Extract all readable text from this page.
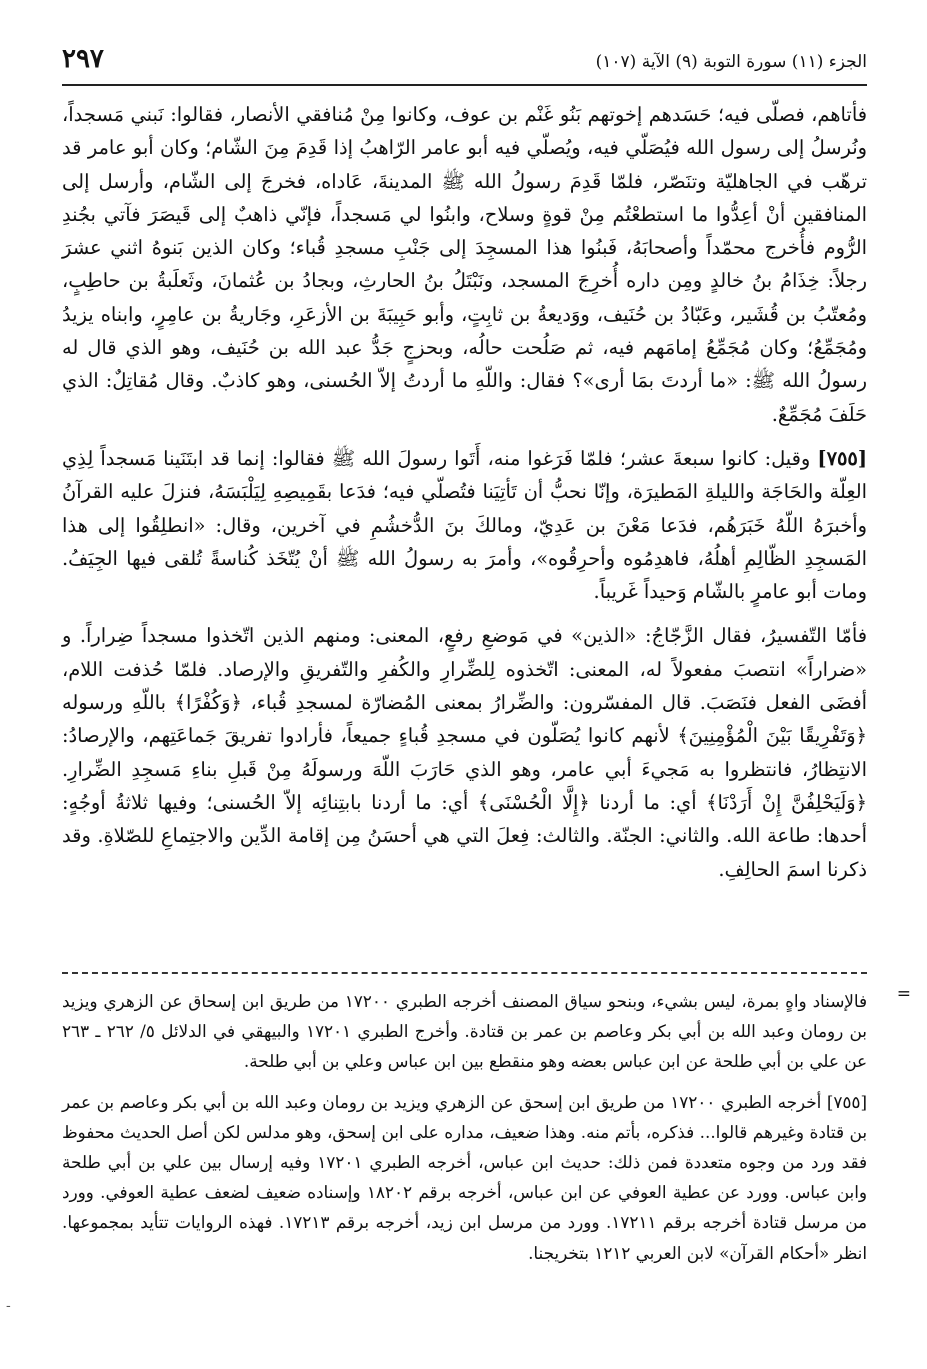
٢٩٧	الجزء (١١) سورة التوبة (٩) الآية (١٠٧)

فأتاهم، فصلّى فيه؛ حَسَدهم إخوتهم بَنُو غَنْم بن عوف، وكانوا مِنْ مُنافقي الأنصار، فقالوا: نَبني مَسجداً، ونُرسلُ إلى رسول الله فيُصَلّي فيه، ويُصلّي فيه أبو عامر الرّاهبُ إذا قَدِمَ مِنَ الشّام؛ وكان أبو عامر قد ترهّب في الجاهليّة وتنَصّر، فلمّا قَدِمَ رسولُ الله ﷺ المدينةَ، عَاداه، فخرجَ إلى الشّام، وأرسل إلى المنافقين أنْ أعِدُّوا ما استطعْتُم مِنْ قوةٍ وسلاح، وابنُوا لي مَسجداً، فإنّي ذاهبٌ إلى قَيصَرَ فآتي بجُندِ الرُّوم فأُخرج محمّداً وأصحابَهُ، فَبنُوا هذا المسجِدَ إلى جَنْبِ مسجدِ قُباء؛ وكان الذين بَنوهُ اثني عشرَ رجلاً: خِذَامُ بنُ خالدٍ ومِن داره أُخرِجَ المسجد، ونَبْتَلُ بنُ الحارثِ، وبجادُ بن عُثمانَ، وثَعلَبةُ بن حاطِبٍ، ومُعتّبُ بن قُشَير، وعَبّادُ بن حُنَيف، ووَديعةُ بن ثابِتٍ، وأبو حَبِيبَةَ بن الأزعَرِ، وجَاريةُ بن عامِرٍ، وابناه يزيدُ ومُجَمِّعُ؛ وكان مُجَمِّعُ إمامَهم فيه، ثم صَلُحت حالُه، وبحزجٍ جَدُّ عبد الله بن حُنَيف، وهو الذي قال له رسولُ الله ﷺ: «ما أردتَ بمَا أرى»؟ فقال: واللّهِ ما أردتُ إلاّ الحُسنى، وهو كاذبٌ. وقال مُقاتِلٌ: الذي حَلَفَ مُجَمِّعٌ.

[٧٥٥] وقيل: كانوا سبعةَ عشر؛ فلمّا فَرَغوا منه، أَتَوا رسولَ الله ﷺ فقالوا: إنما قد ابتَنَينا مَسجداً لِذِي العِلّة والحَاجَة والليلةِ المَطيرَة، وإنّا نحبُّ أن تَأتِيَنا فتُصلّي فيه؛ فدَعا بقَمِيصِهِ لِيَلْبَسَهُ، فنزلَ عليه القرآنُ وأخبرَهُ اللّهُ خَبَرَهُم، فدَعا مَعْنَ بن عَدِيّ، ومالكَ بنَ الدُّخشُمِ في آخرين، وقال: «انطلِقُوا إلى هذا المَسجِدِ الظّالِمِ أهلُهُ، فاهدِمُوه وأحرِقُوه»، وأمرَ به رسولُ الله ﷺ أنْ يُتّخَذ كُناسةً تُلقى فيها الجِيَفُ. ومات أبو عامرٍ بالشّام وَحيداً غَريباً.

فأمّا التّفسيرُ، فقال الزَّجّاجُ: «الذين» في مَوضعِ رفعٍ، المعنى: ومنهم الذين اتّخذوا مسجداً ضِراراً. و «ضراراً» انتصبَ مفعولاً له، المعنى: اتّخذوه لِلضِّرارِ والكُفرِ والتّفريقِ والإرصاد. فلمّا حُذفت اللام، أفضَى الفعل فنَصَبَ. قال المفسّرون: والضِّرارُ بمعنى المُضارّة لمسجدِ قُباء، ﴿وَكُفْرًا﴾ باللّهِ ورسوله ﴿وَتَفْرِيقًا بَيْنَ الْمُؤْمِنِينَ﴾ لأنهم كانوا يُصَلّون في مسجدِ قُباءٍ جميعاً، فأرادوا تفريقَ جَماعَتِهم، والإرصادُ: الانتِظارُ، فانتظروا به مَجيءَ أبي عامر، وهو الذي حَارَبَ اللّهَ ورسولَهُ مِنْ قَبلِ بناءِ مَسجِدِ الضِّرارِ. ﴿وَلَيَحْلِفُنَّ إِنْ أَرَدْنَا﴾ أي: ما أردنا ﴿إِلَّا الْحُسْنَى﴾ أي: ما أردنا بابتِنائِه إلاّ الحُسنى؛ وفيها ثلاثةُ أوجُهٍ: أحدها: طاعة الله. والثاني: الجنّة. والثالث: فِعلَ التي هي أحسَنُ مِن إقامة الدِّين والاجتِماعِ للصّلاةِ. وقد ذكرنا اسمَ الحالِفِ.

=

فالإسناد واهٍ بمرة، ليس بشيء، وبنحو سياق المصنف أخرجه الطبري ١٧٢٠٠ من طريق ابن إسحاق عن الزهري ويزيد بن رومان وعبد الله بن أبي بكر وعاصم بن عمر بن قتادة. وأخرج الطبري ١٧٢٠١ والبيهقي في الدلائل ٥/ ٢٦٢ ـ ٢٦٣ عن علي بن أبي طلحة عن ابن عباس بعضه وهو منقطع بين ابن عباس وعلي بن أبي طلحة.

[٧٥٥] أخرجه الطبري ١٧٢٠٠ من طريق ابن إسحق عن الزهري ويزيد بن رومان وعبد الله بن أبي بكر وعاصم بن عمر بن قتادة وغيرهم قالوا... فذكره، بأتم منه. وهذا ضعيف، مداره على ابن إسحق، وهو مدلس لكن أصل الحديث محفوظ فقد ورد من وجوه متعددة فمن ذلك: حديث ابن عباس، أخرجه الطبري ١٧٢٠١ وفيه إرسال بين علي بن أبي طلحة وابن عباس. وورد عن عطية العوفي عن ابن عباس، أخرجه برقم ١٨٢٠٢ وإسناده ضعيف لضعف عطية العوفي. وورد من مرسل قتادة أخرجه برقم ١٧٢١١. وورد من مرسل ابن زيد، أخرجه برقم ١٧٢١٣. فهذه الروايات تتأيد بمجموعها. انظر «أحكام القرآن» لابن العربي ١٢١٢ بتخريجنا.

-
